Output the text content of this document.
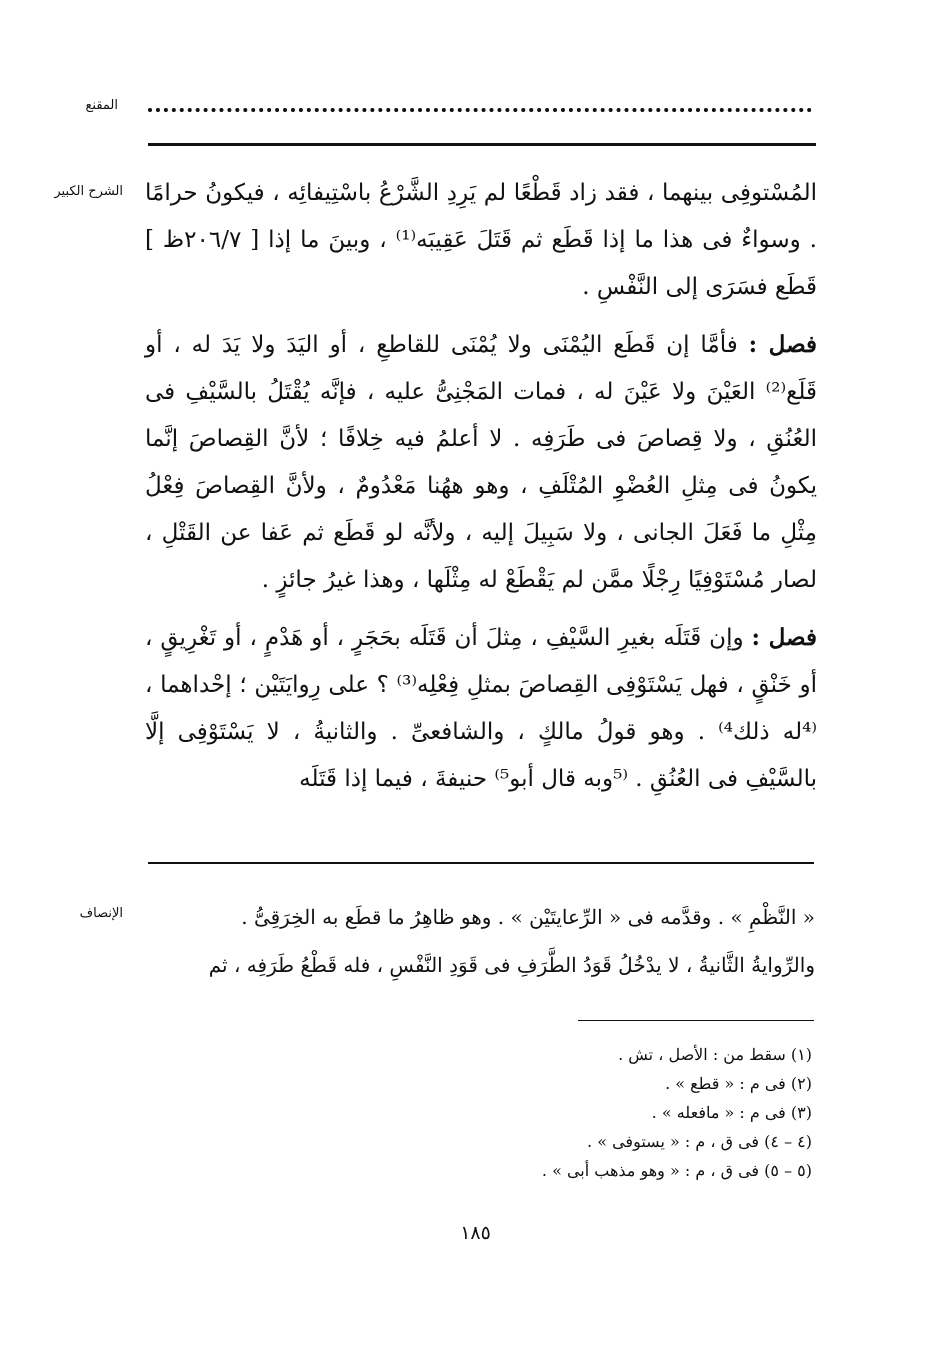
المقنع
الشرح الكبير المُسْتوفِى بينهما ، فقد زاد قَطْعًا لم يَرِدِ الشَّرْعُ باسْتِيفائِه ، فيكونُ حرامًا . وسواءٌ فى هذا ما إذا قَطَع ثم قَتَلَ عَقِيبَه⁽¹⁾ ، وبينَ ما إذا [ ٢٠٦/٧ظ ] قَطَع فسَرَى إلى النَّفْسِ .

فصل : فأمَّا إن قَطَع اليُمْنَى ولا يُمْنَى للقاطعِ ، أو اليَدَ ولا يَدَ له ، أو قَلَع⁽²⁾ العَيْنَ ولا عَيْنَ له ، فمات المَجْنِىُّ عليه ، فإنَّه يُقْتَلُ بالسَّيْفِ فى العُنُقِ ، ولا قِصاصَ فى طَرَفِه . لا أعلمُ فيه خِلافًا ؛ لأنَّ القِصاصَ إنَّما يكونُ فى مِثلِ العُضْوِ المُتْلَفِ ، وهو ههُنا مَعْدُومٌ ، ولأنَّ القِصاصَ فِعْلُ مِثْلِ ما فَعَلَ الجانى ، ولا سَبِيلَ إليه ، ولأنَّه لو قَطَع ثم عَفا عن القَتْلِ ، لصار مُسْتَوْفِيًا رِجْلًا ممَّن لم يَقْطَعْ له مِثْلَها ، وهذا غيرُ جائزٍ .

فصل : وإن قَتَلَه بغيرِ السَّيْفِ ، مِثلَ أن قَتَلَه بحَجَرٍ ، أو هَدْمٍ ، أو تَغْرِيقٍ ، أو خَنْقٍ ، فهل يَسْتَوْفِى القِصاصَ بمثلِ فِعْلِه⁽³⁾ ؟ على رِوايَتَيْن ؛ إحْداهما ، ⁽⁴له ذلك⁴⁾ . وهو قولُ مالكٍ ، والشافعىِّ . والثانيةُ ، لا يَسْتَوْفِى إلَّا بالسَّيْفِ فى العُنُقِ . ⁽⁵وبه قال أبو⁵⁾ حنيفةَ ، فيما إذا قَتَلَه

الإنصاف	« النَّظْمِ » . وقدَّمه فى « الرِّعايتَيْن » . وهو ظاهِرُ ما قطَع به الخِرَقِىُّ .

والرِّوايةُ الثَّانيةُ ، لا يدْخُلُ قَوَدُ الطَّرَفِ فى قَوَدِ النَّفْسِ ، فله قَطْعُ طَرَفِه ، ثم

(١) سقط من : الأصل ، تش .
(٢) فى م : « قطع » .
(٣) فى م : « مافعله » .
(٤ – ٤) فى ق ، م : « يستوفى » .
(٥ – ٥) فى ق ، م : « وهو مذهب أبى » .
١٨٥
